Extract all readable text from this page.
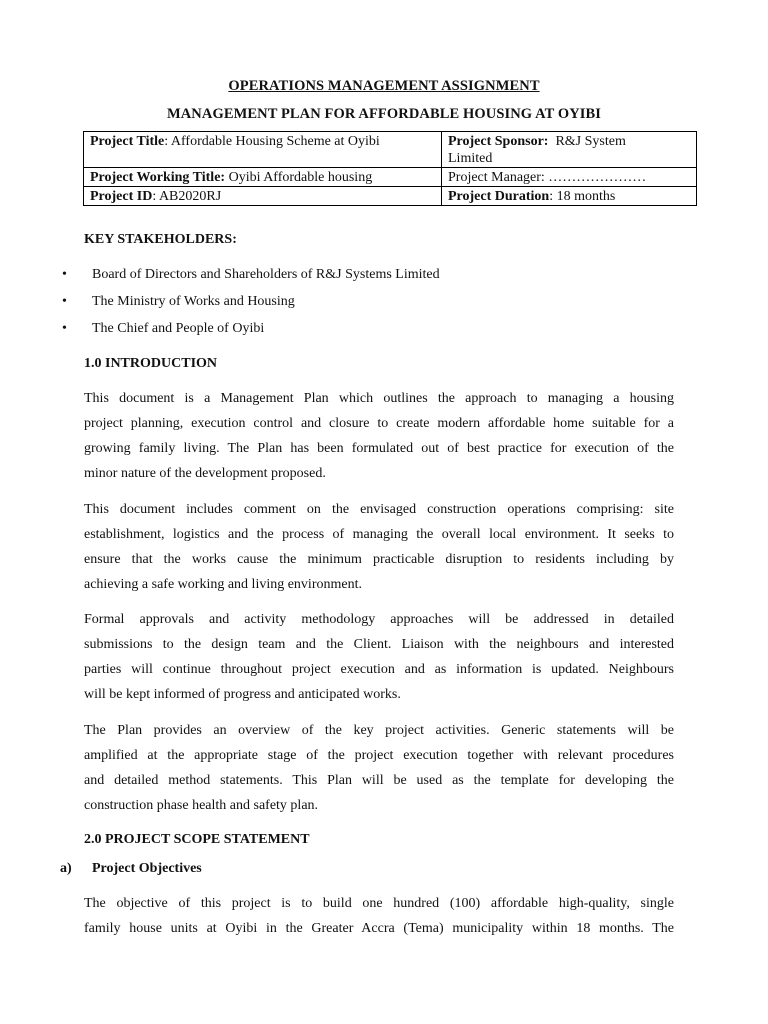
OPERATIONS MANAGEMENT ASSIGNMENT
MANAGEMENT PLAN FOR AFFORDABLE HOUSING AT OYIBI
Project Title: Affordable Housing Scheme at Oyibi	Project Sponsor:  R&J System
Limited
Project Working Title: Oyibi Affordable housing	Project Manager: …………………
Project ID: AB2020RJ	Project Duration: 18 months
KEY STAKEHOLDERS:
• Board of Directors and Shareholders of R&J Systems Limited
• The Ministry of Works and Housing
• The Chief and People of Oyibi
1.0 INTRODUCTION
This document is a Management Plan which outlines the approach to managing a housing
project planning, execution control and closure to create modern affordable home suitable for a
growing family living. The Plan has been formulated out of best practice for execution of the
minor nature of the development proposed.
This document includes comment on the envisaged construction operations comprising: site
establishment, logistics and the process of managing the overall local environment. It seeks to
ensure that the works cause the minimum practicable disruption to residents including by
achieving a safe working and living environment.
Formal approvals and activity methodology approaches will be addressed in detailed
submissions to the design team and the Client. Liaison with the neighbours and interested
parties will continue throughout project execution and as information is updated. Neighbours
will be kept informed of progress and anticipated works.
The Plan provides an overview of the key project activities. Generic statements will be
amplified at the appropriate stage of the project execution together with relevant procedures
and detailed method statements. This Plan will be used as the template for developing the
construction phase health and safety plan.
2.0 PROJECT SCOPE STATEMENT
a) Project Objectives
The objective of this project is to build one hundred (100) affordable high-quality, single
family house units at Oyibi in the Greater Accra (Tema) municipality within 18 months. The
